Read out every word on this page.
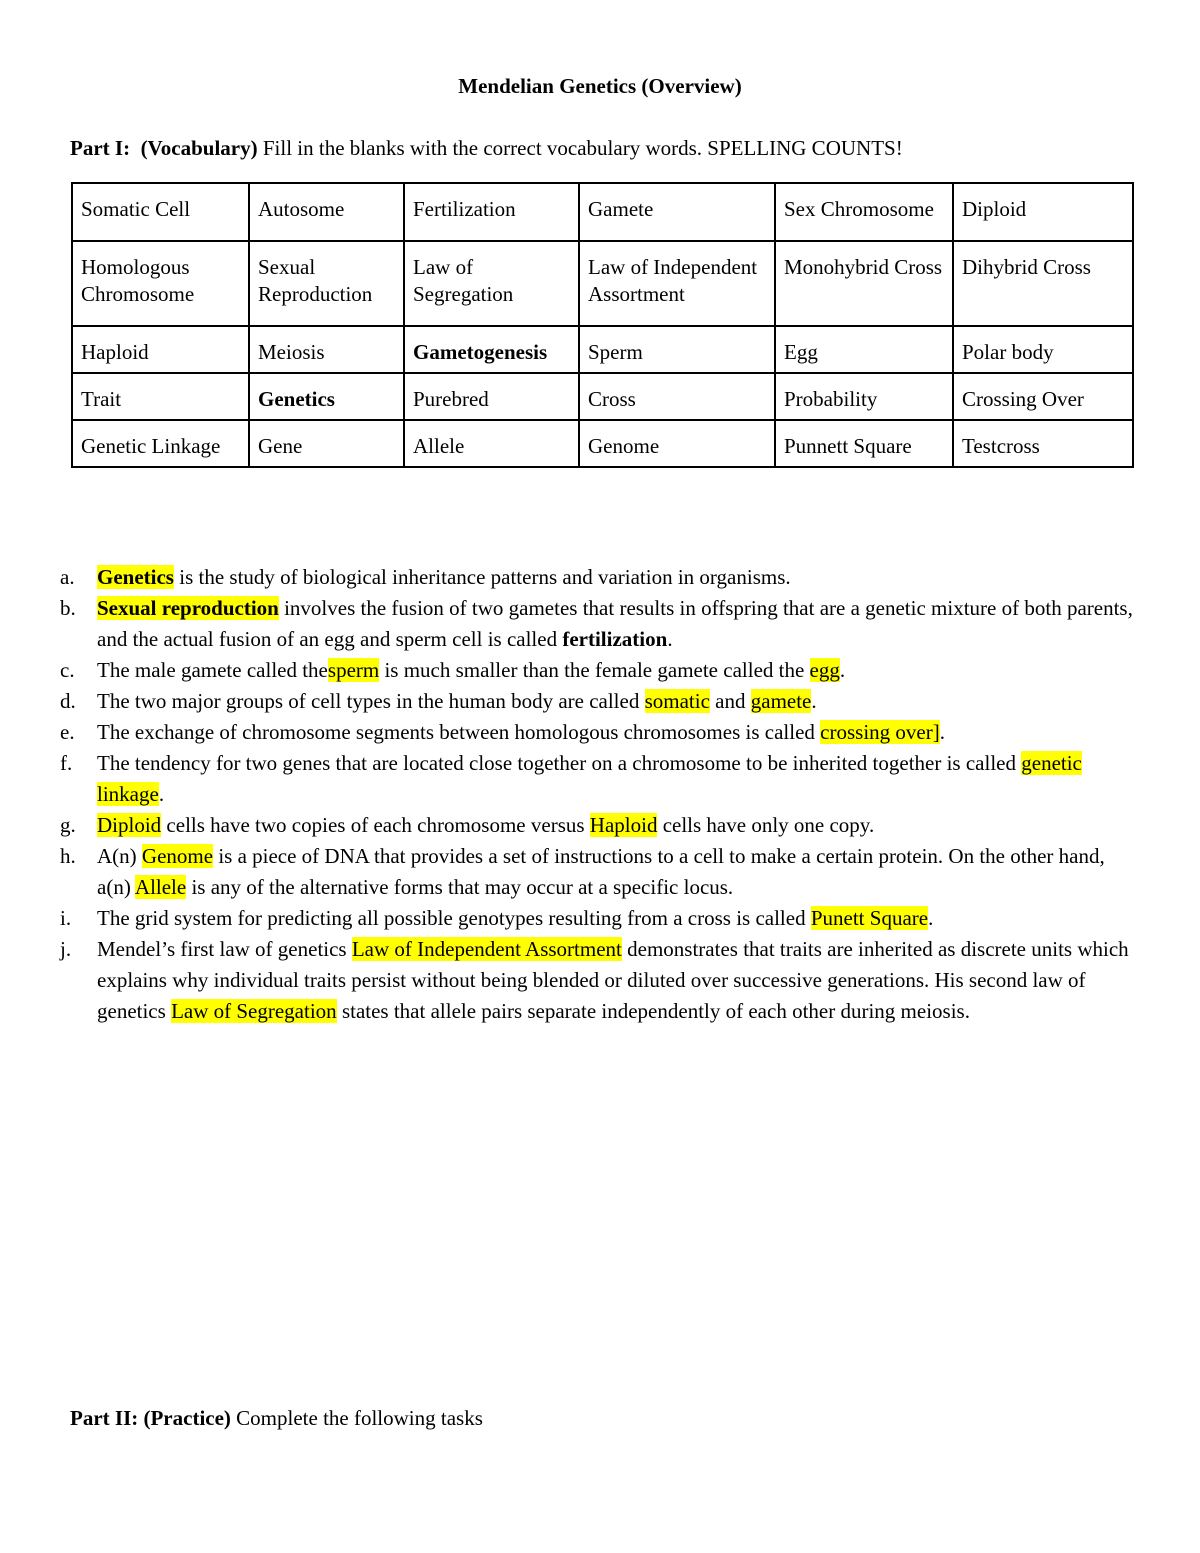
Mendelian Genetics (Overview)
Part I: (Vocabulary) Fill in the blanks with the correct vocabulary words. SPELLING COUNTS!
Somatic Cell	Autosome	Fertilization	Gamete	Sex Chromosome	Diploid
Homologous Chromosome	Sexual Reproduction	Law of Segregation	Law of Independent Assortment	Monohybrid Cross	Dihybrid Cross
Haploid	Meiosis	Gametogenesis	Sperm	Egg	Polar body
Trait	Genetics	Purebred	Cross	Probability	Crossing Over
Genetic Linkage	Gene	Allele	Genome	Punnett Square	Testcross
a. Genetics is the study of biological inheritance patterns and variation in organisms.
b. Sexual reproduction involves the fusion of two gametes that results in offspring that are a genetic mixture of both parents, and the actual fusion of an egg and sperm cell is called fertilization.
c. The male gamete called thesperm is much smaller than the female gamete called the egg.
d. The two major groups of cell types in the human body are called somatic and gamete.
e. The exchange of chromosome segments between homologous chromosomes is called crossing over].
f. The tendency for two genes that are located close together on a chromosome to be inherited together is called genetic linkage.
g. Diploid cells have two copies of each chromosome versus Haploid cells have only one copy.
h. A(n) Genome is a piece of DNA that provides a set of instructions to a cell to make a certain protein. On the other hand, a(n) Allele is any of the alternative forms that may occur at a specific locus.
i. The grid system for predicting all possible genotypes resulting from a cross is called Punett Square.
j. Mendel’s first law of genetics Law of Independent Assortment demonstrates that traits are inherited as discrete units which explains why individual traits persist without being blended or diluted over successive generations. His second law of genetics Law of Segregation states that allele pairs separate independently of each other during meiosis.
Part II: (Practice) Complete the following tasks
